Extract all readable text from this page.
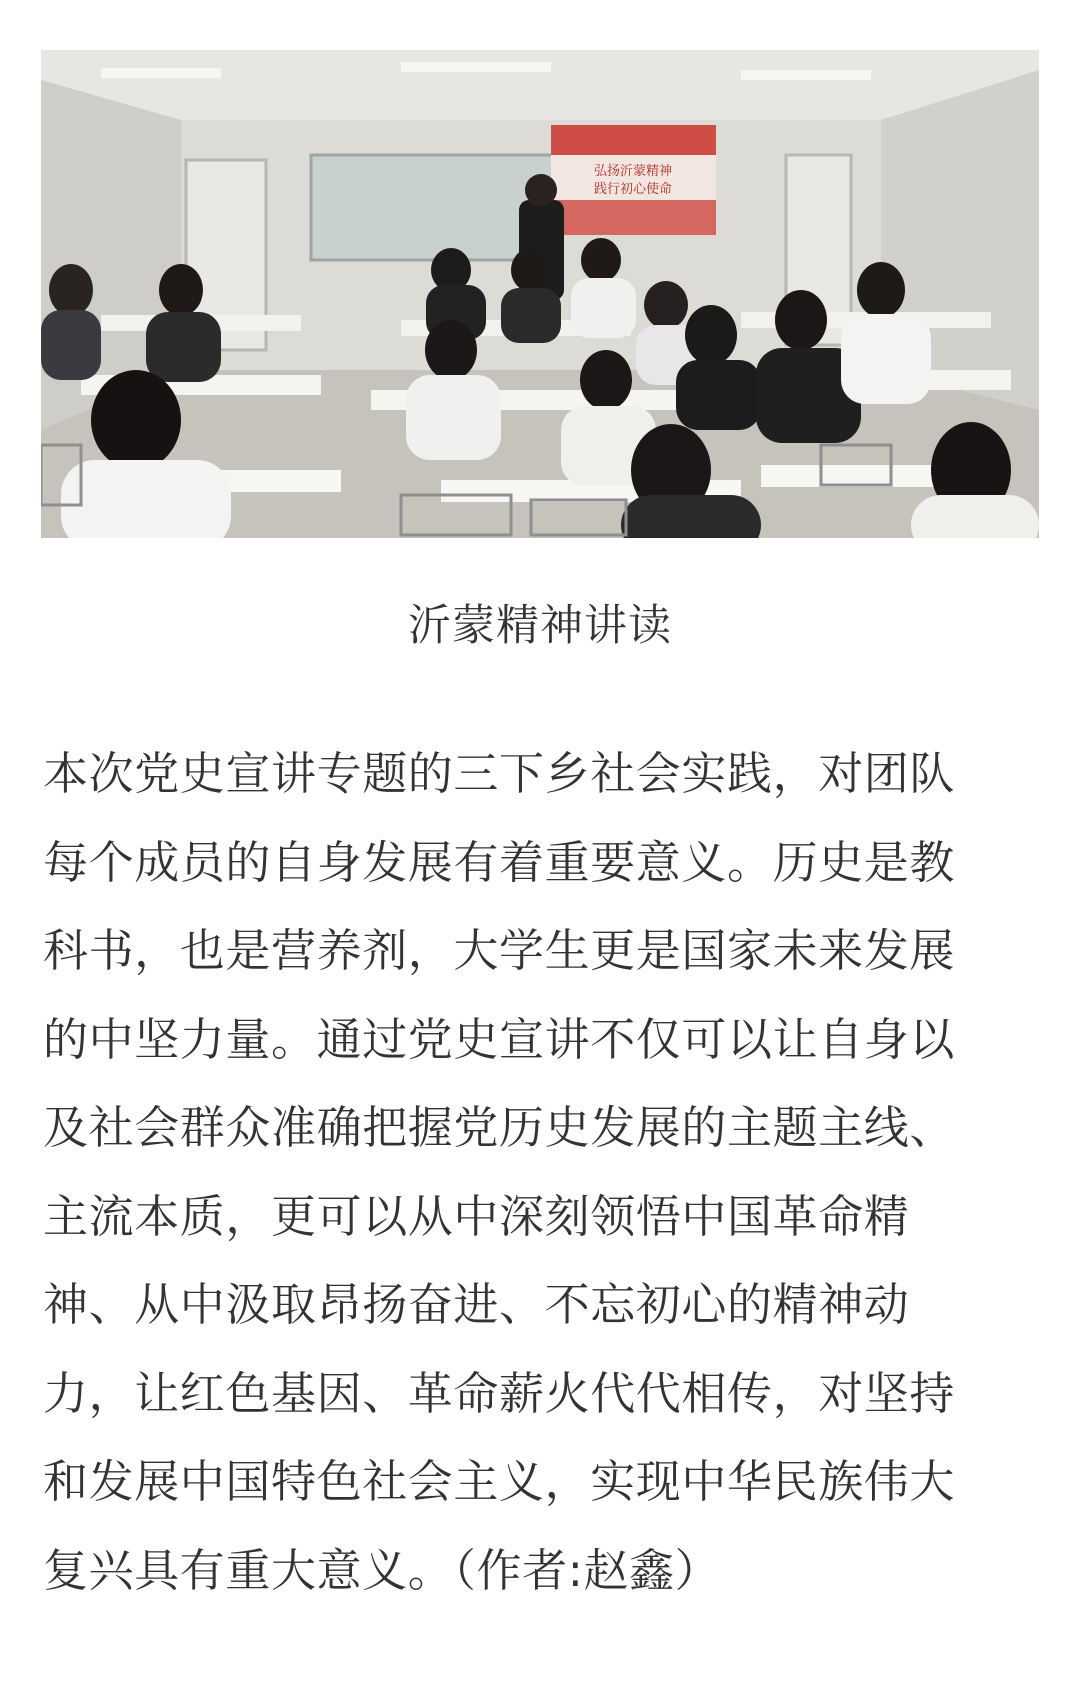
弘扬沂蒙精神
践行初心使命
沂蒙精神讲读

本次党史宣讲专题的三下乡社会实践，对团队
每个成员的自身发展有着重要意义。历史是教
科书，也是营养剂，大学生更是国家未来发展
的中坚力量。通过党史宣讲不仅可以让自身以
及社会群众准确把握党历史发展的主题主线、
主流本质，更可以从中深刻领悟中国革命精
神、从中汲取昂扬奋进、不忘初心的精神动
力，让红色基因、革命薪火代代相传，对坚持
和发展中国特色社会主义，实现中华民族伟大
复兴具有重大意义。（作者:赵鑫）
